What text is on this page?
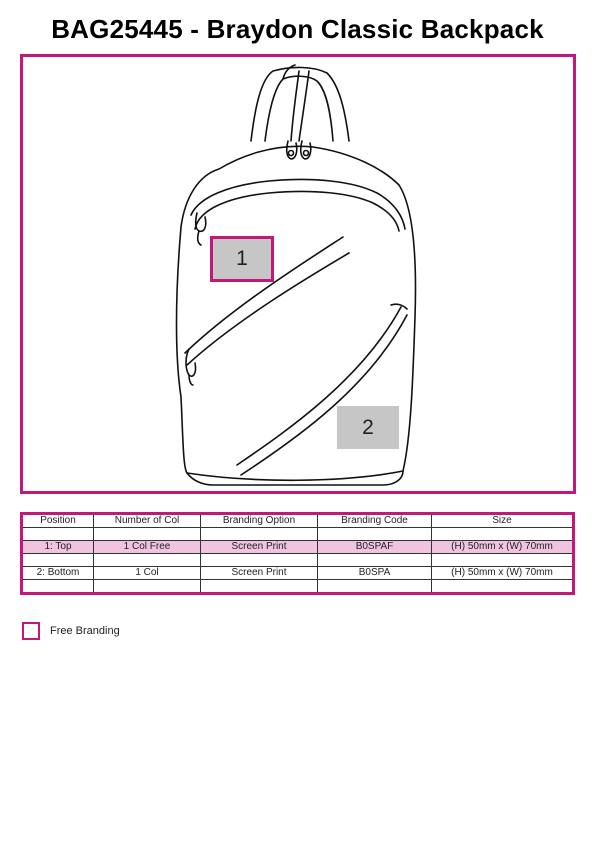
BAG25445 - Braydon Classic Backpack
1
2
Position	Number of Col	Branding Option	Branding Code	Size

1: Top	1 Col Free	Screen Print	B0SPAF	(H) 50mm x (W) 70mm

2: Bottom	1 Col	Screen Print	B0SPA	(H) 50mm x (W) 70mm

Free Branding
